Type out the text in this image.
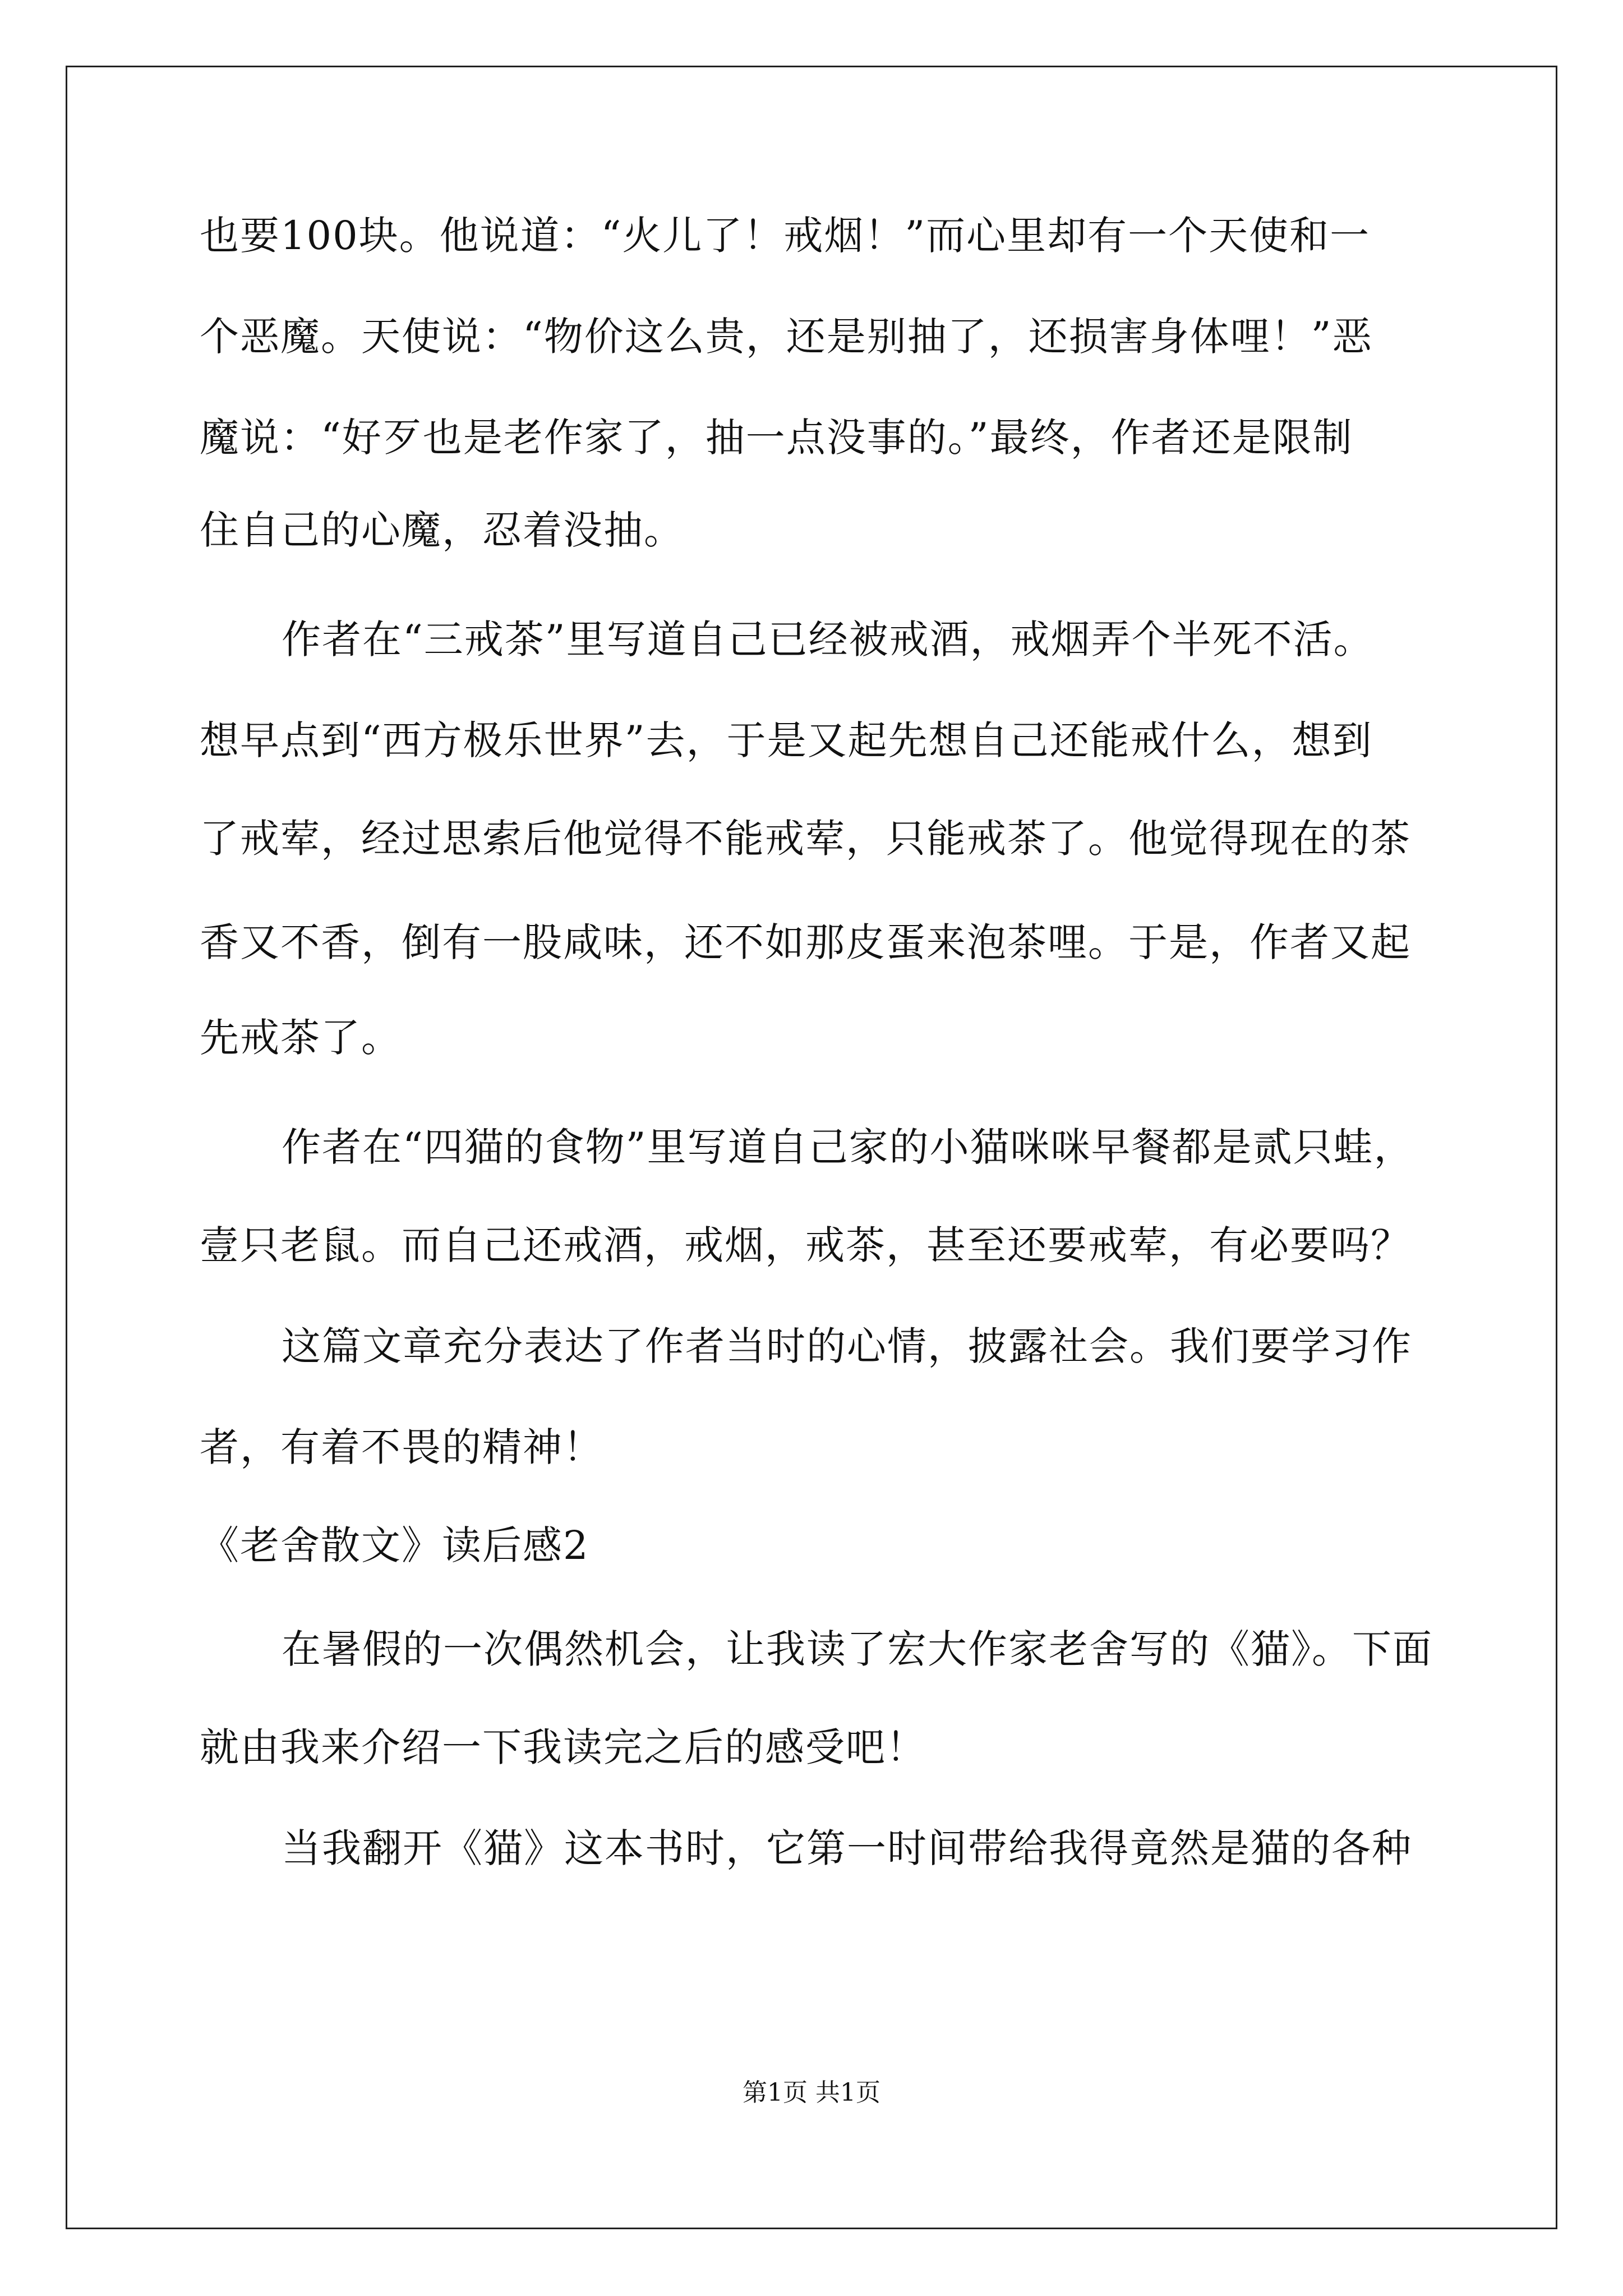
也要100块。他说道：“火儿了！戒烟！”而心里却有一个天使和一
个恶魔。天使说：“物价这么贵，还是别抽了，还损害身体哩！”恶
魔说：“好歹也是老作家了，抽一点没事的。”最终，作者还是限制
住自己的心魔，忍着没抽。
作者在“三戒茶”里写道自己已经被戒酒，戒烟弄个半死不活。
想早点到“西方极乐世界”去，于是又起先想自己还能戒什么，想到
了戒荤，经过思索后他觉得不能戒荤，只能戒茶了。他觉得现在的茶
香又不香，倒有一股咸味，还不如那皮蛋来泡茶哩。于是，作者又起
先戒茶了。
作者在“四猫的食物”里写道自己家的小猫咪咪早餐都是贰只蛙，
壹只老鼠。而自己还戒酒，戒烟，戒茶，甚至还要戒荤，有必要吗？
这篇文章充分表达了作者当时的心情，披露社会。我们要学习作
者，有着不畏的精神！
《老舍散文》读后感2
在暑假的一次偶然机会，让我读了宏大作家老舍写的《猫》。下面
就由我来介绍一下我读完之后的感受吧！
当我翻开《猫》这本书时，它第一时间带给我得竟然是猫的各种
第1页 共1页
